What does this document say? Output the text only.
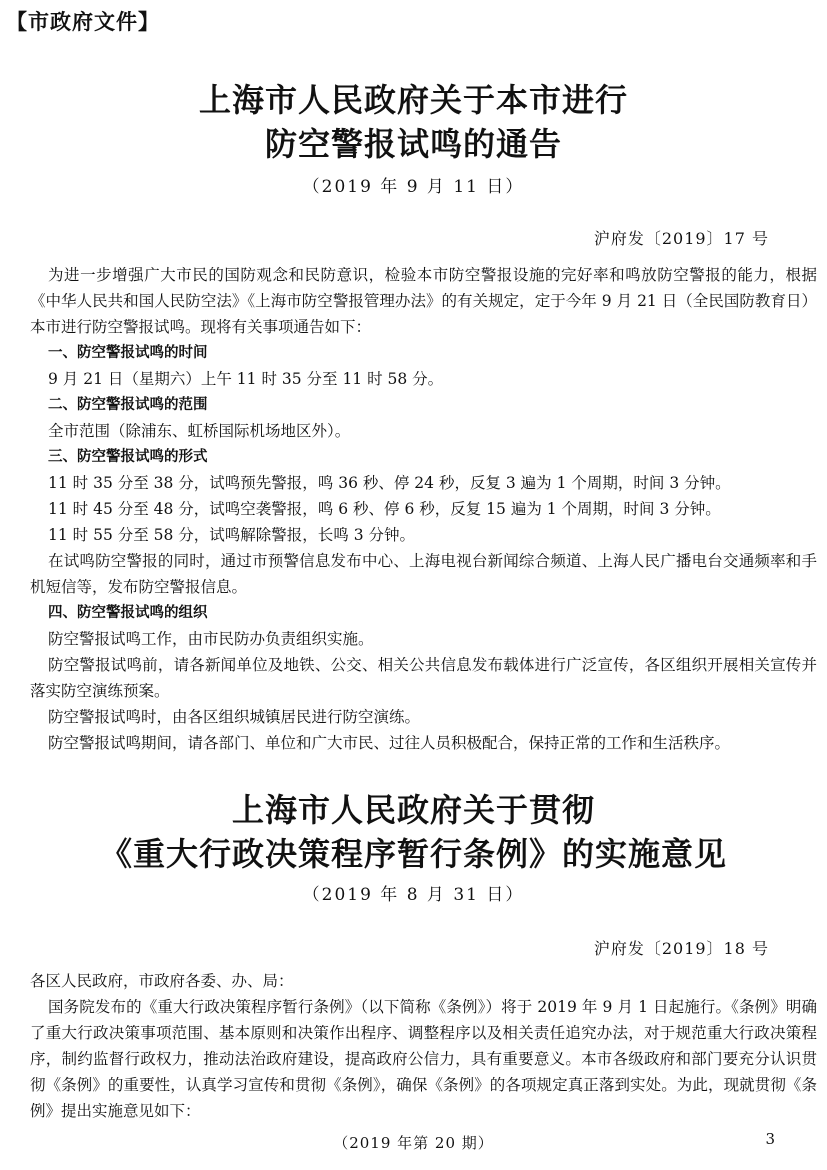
【市政府文件】
上海市人民政府关于本市进行
防空警报试鸣的通告
（2019 年 9 月 11 日）
沪府发〔2019〕17 号

为进一步增强广大市民的国防观念和民防意识，检验本市防空警报设施的完好率和鸣放防空警报的能力，根据《中华人民共和国人民防空法》《上海市防空警报管理办法》的有关规定，定于今年 9 月 21 日（全民国防教育日）本市进行防空警报试鸣。现将有关事项通告如下：

一、防空警报试鸣的时间

9 月 21 日（星期六）上午 11 时 35 分至 11 时 58 分。

二、防空警报试鸣的范围

全市范围（除浦东、虹桥国际机场地区外）。

三、防空警报试鸣的形式

11 时 35 分至 38 分，试鸣预先警报，鸣 36 秒、停 24 秒，反复 3 遍为 1 个周期，时间 3 分钟。

11 时 45 分至 48 分，试鸣空袭警报，鸣 6 秒、停 6 秒，反复 15 遍为 1 个周期，时间 3 分钟。

11 时 55 分至 58 分，试鸣解除警报，长鸣 3 分钟。

在试鸣防空警报的同时，通过市预警信息发布中心、上海电视台新闻综合频道、上海人民广播电台交通频率和手机短信等，发布防空警报信息。

四、防空警报试鸣的组织

防空警报试鸣工作，由市民防办负责组织实施。

防空警报试鸣前，请各新闻单位及地铁、公交、相关公共信息发布载体进行广泛宣传，各区组织开展相关宣传并落实防空演练预案。

防空警报试鸣时，由各区组织城镇居民进行防空演练。

防空警报试鸣期间，请各部门、单位和广大市民、过往人员积极配合，保持正常的工作和生活秩序。

上海市人民政府关于贯彻
《重大行政决策程序暂行条例》的实施意见
（2019 年 8 月 31 日）
沪府发〔2019〕18 号

各区人民政府，市政府各委、办、局：

国务院发布的《重大行政决策程序暂行条例》（以下简称《条例》）将于 2019 年 9 月 1 日起施行。《条例》明确了重大行政决策事项范围、基本原则和决策作出程序、调整程序以及相关责任追究办法，对于规范重大行政决策程序，制约监督行政权力，推动法治政府建设，提高政府公信力，具有重要意义。本市各级政府和部门要充分认识贯彻《条例》的重要性，认真学习宣传和贯彻《条例》，确保《条例》的各项规定真正落到实处。为此，现就贯彻《条例》提出实施意见如下：

（2019 年第 20 期）	3
